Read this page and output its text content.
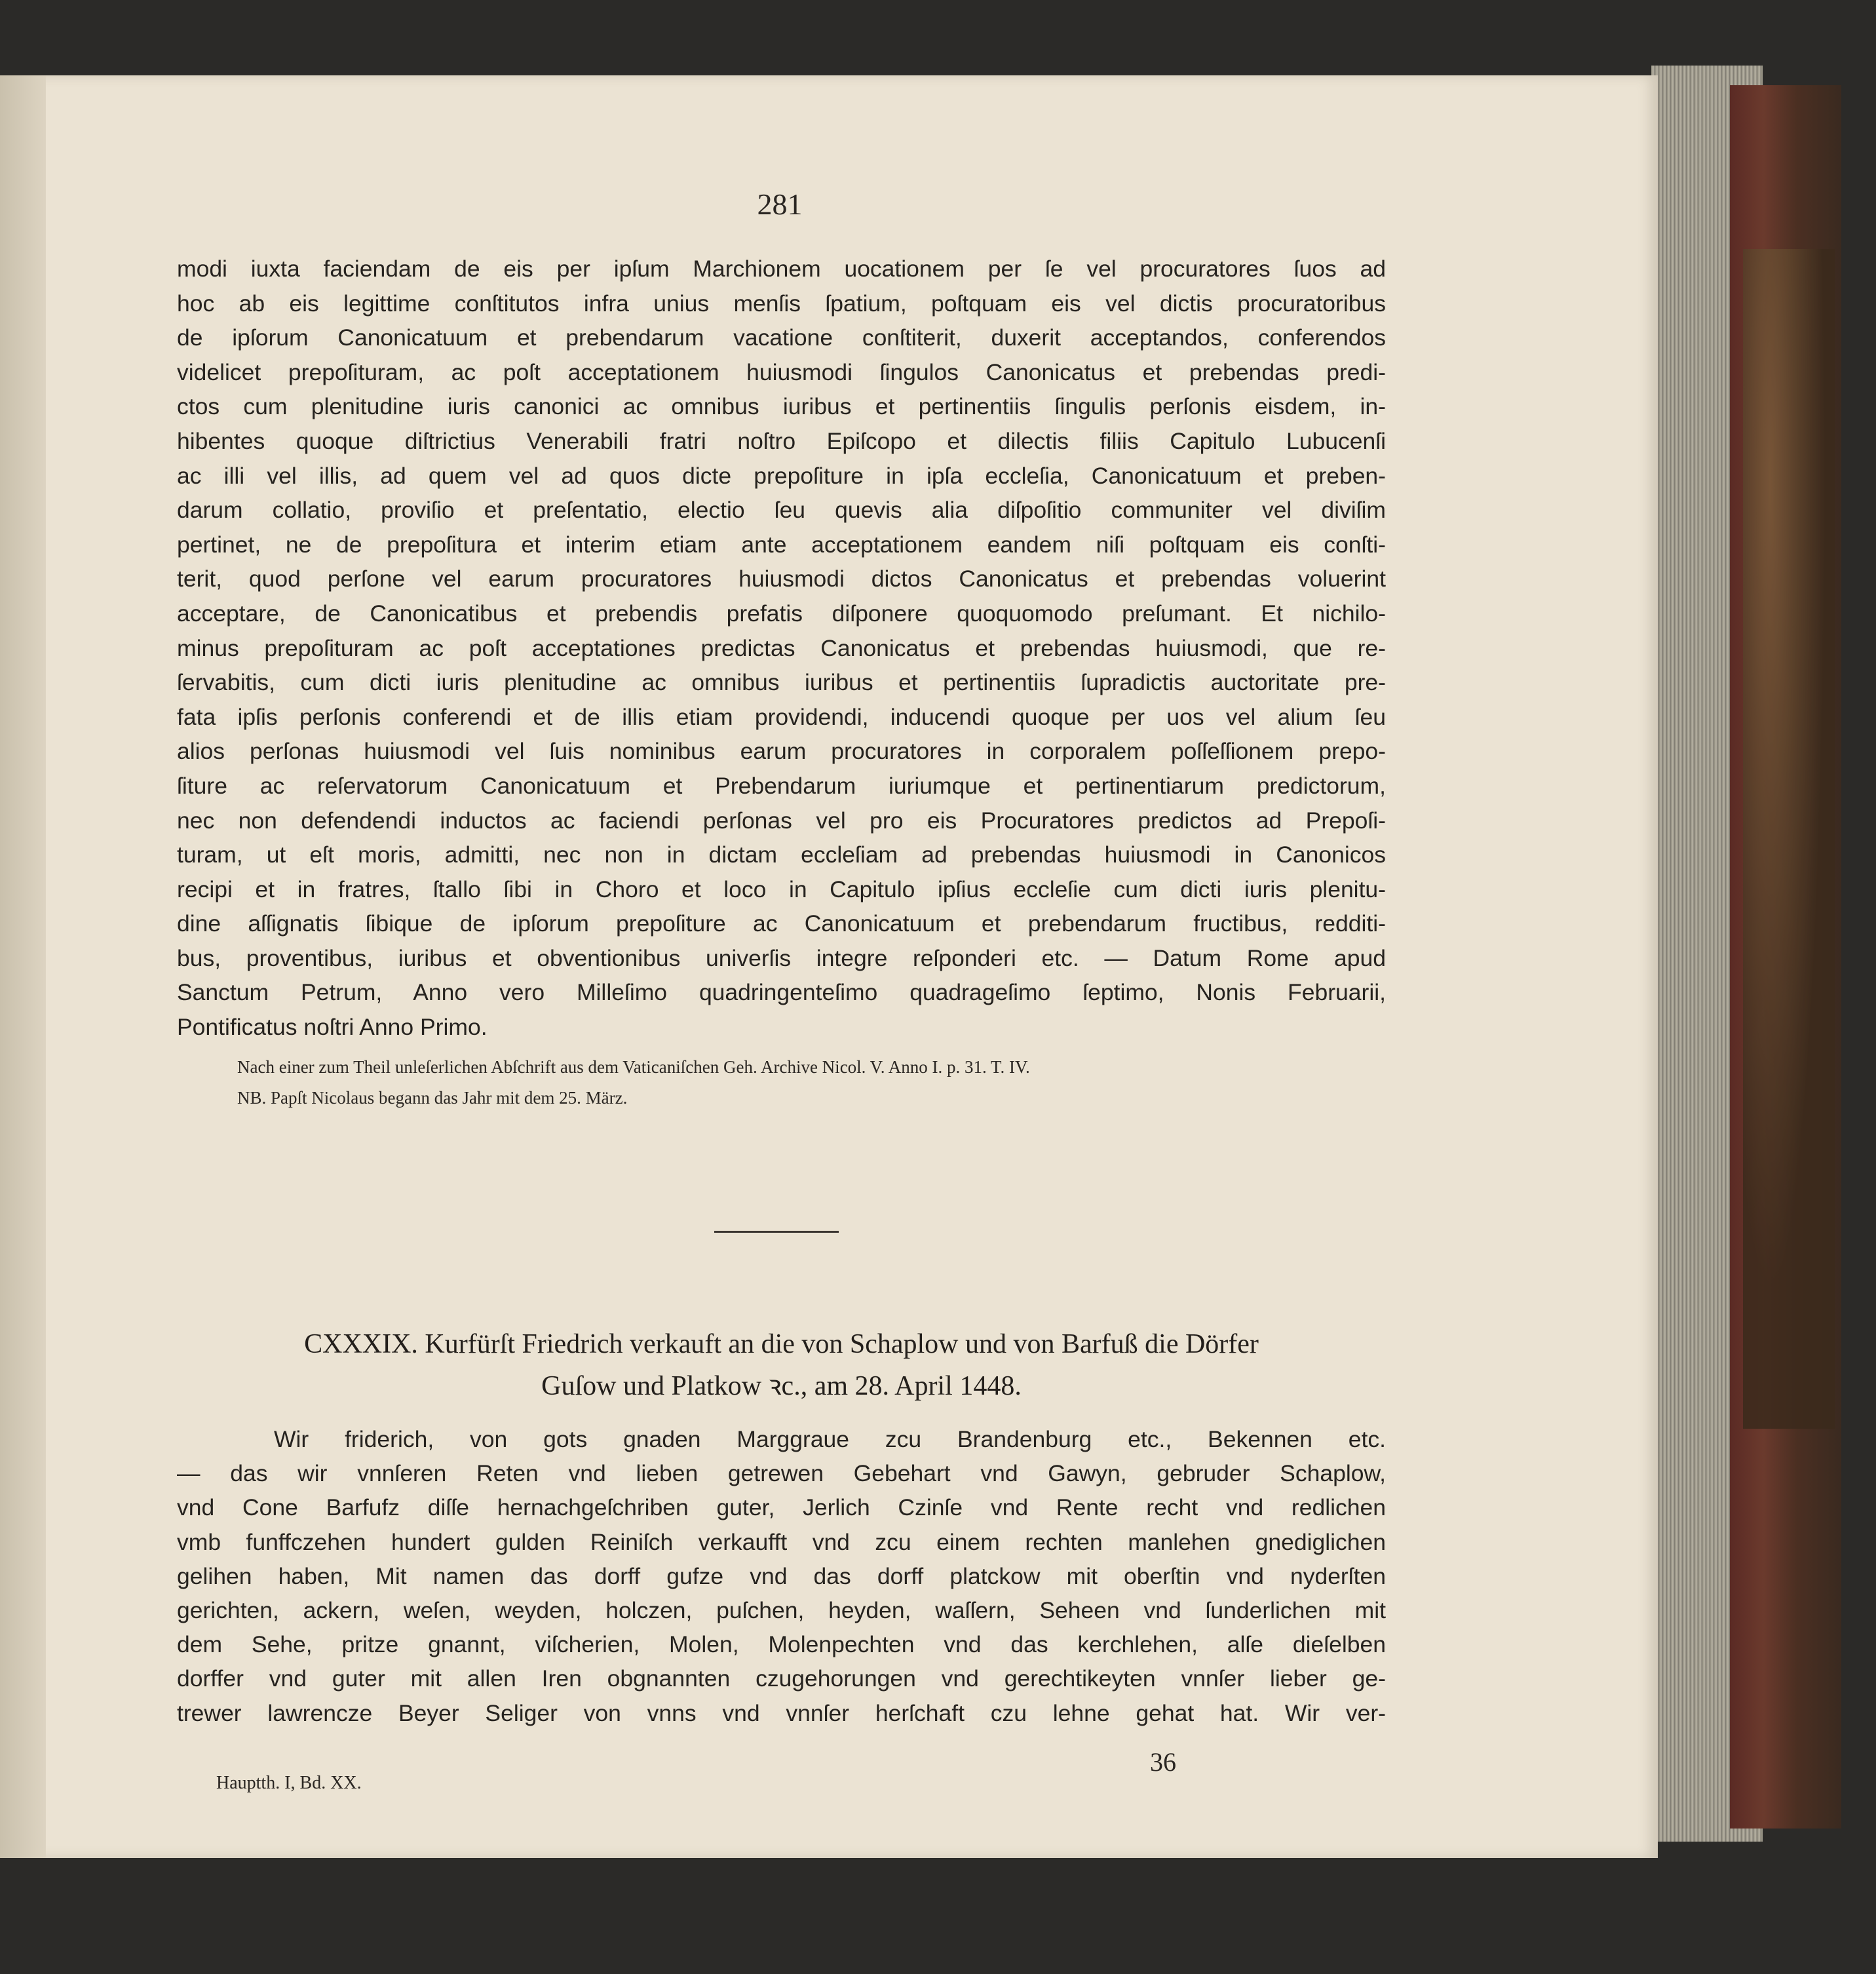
281
modi iuxta faciendam de eis per ipſum Marchionem uocationem per ſe vel procuratores ſuos ad
hoc ab eis legittime conſtitutos infra unius menſis ſpatium, poſtquam eis vel dictis procuratoribus
de ipſorum Canonicatuum et prebendarum vacatione conſtiterit, duxerit acceptandos, conferendos
videlicet prepoſituram, ac poſt acceptationem huiusmodi ſingulos Canonicatus et prebendas predi-
ctos cum plenitudine iuris canonici ac omnibus iuribus et pertinentiis ſingulis perſonis eisdem, in-
hibentes quoque diſtrictius Venerabili fratri noſtro Epiſcopo et dilectis filiis Capitulo Lubucenſi
ac illi vel illis, ad quem vel ad quos dicte prepoſiture in ipſa eccleſia, Canonicatuum et preben-
darum collatio, proviſio et preſentatio, electio ſeu quevis alia diſpoſitio communiter vel diviſim
pertinet, ne de prepoſitura et interim etiam ante acceptationem eandem niſi poſtquam eis conſti-
terit, quod perſone vel earum procuratores huiusmodi dictos Canonicatus et prebendas voluerint
acceptare, de Canonicatibus et prebendis prefatis diſponere quoquomodo preſumant. Et nichilo-
minus prepoſituram ac poſt acceptationes predictas Canonicatus et prebendas huiusmodi, que re-
ſervabitis, cum dicti iuris plenitudine ac omnibus iuribus et pertinentiis ſupradictis auctoritate pre-
fata ipſis perſonis conferendi et de illis etiam providendi, inducendi quoque per uos vel alium ſeu
alios perſonas huiusmodi vel ſuis nominibus earum procuratores in corporalem poſſeſſionem prepo-
ſiture ac reſervatorum Canonicatuum et Prebendarum iuriumque et pertinentiarum predictorum,
nec non defendendi inductos ac faciendi perſonas vel pro eis Procuratores predictos ad Prepoſi-
turam, ut eſt moris, admitti, nec non in dictam eccleſiam ad prebendas huiusmodi in Canonicos
recipi et in fratres, ſtallo ſibi in Choro et loco in Capitulo ipſius eccleſie cum dicti iuris plenitu-
dine aſſignatis ſibique de ipſorum prepoſiture ac Canonicatuum et prebendarum fructibus, redditi-
bus, proventibus, iuribus et obventionibus univerſis integre reſponderi etc. — Datum Rome apud
Sanctum Petrum, Anno vero Milleſimo quadringenteſimo quadrageſimo ſeptimo, Nonis Februarii,
Pontificatus noſtri Anno Primo.
Nach einer zum Theil unleſerlichen Abſchrift aus dem Vaticaniſchen Geh. Archive Nicol. V. Anno I. p. 31. T. IV.
NB. Papſt Nicolaus begann das Jahr mit dem 25. März.
CXXXIX. Kurfürſt Friedrich verkauft an die von Schaplow und von Barfuß die Dörfer
Guſow und Platkow ꝛc., am 28. April 1448.
Wir friderich, von gots gnaden Marggraue zcu Brandenburg etc., Bekennen etc.
— das wir vnnſeren Reten vnd lieben getrewen Gebehart vnd Gawyn, gebruder Schaplow,
vnd Cone Barfufz diſſe hernachgeſchriben guter, Jerlich Czinſe vnd Rente recht vnd redlichen
vmb funffczehen hundert gulden Reiniſch verkaufft vnd zcu einem rechten manlehen gnediglichen
gelihen haben, Mit namen das dorff gufze vnd das dorff platckow mit oberſtin vnd nyderſten
gerichten, ackern, weſen, weyden, holczen, puſchen, heyden, waſſern, Seheen vnd ſunderlichen mit
dem Sehe, pritze gnannt, viſcherien, Molen, Molenpechten vnd das kerchlehen, alſe dieſelben
dorffer vnd guter mit allen Iren obgnannten czugehorungen vnd gerechtikeyten vnnſer lieber ge-
trewer lawrencze Beyer Seliger von vnns vnd vnnſer herſchaft czu lehne gehat hat. Wir ver-
Hauptth. I, Bd. XX.
36
